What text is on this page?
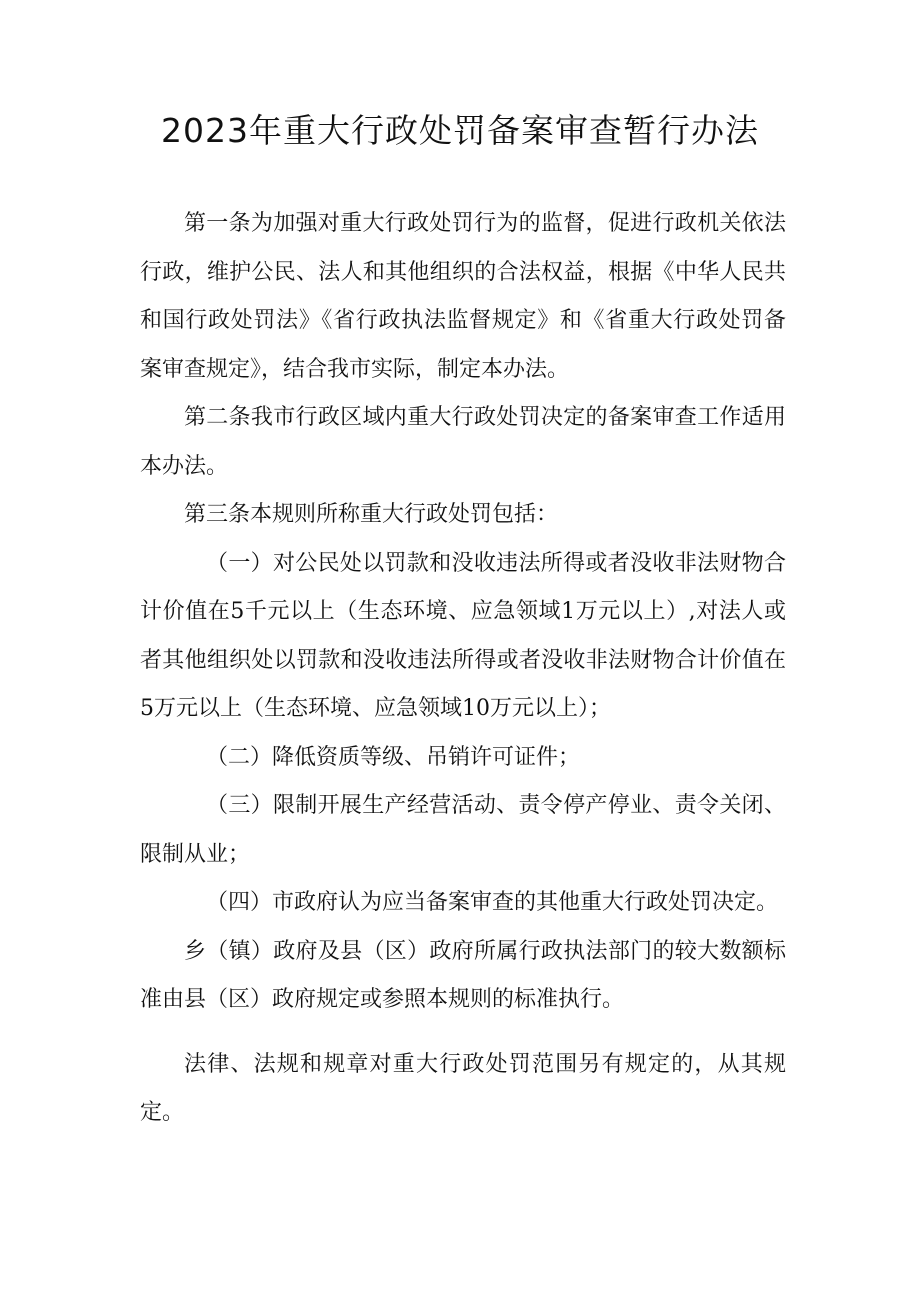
2023年重大行政处罚备案审查暂行办法

第一条为加强对重大行政处罚行为的监督，促进行政机关依法行政，维护公民、法人和其他组织的合法权益，根据《中华人民共和国行政处罚法》《省行政执法监督规定》和《省重大行政处罚备案审查规定》，结合我市实际，制定本办法。

第二条我市行政区域内重大行政处罚决定的备案审查工作适用本办法。

第三条本规则所称重大行政处罚包括：

（一）对公民处以罚款和没收违法所得或者没收非法财物合计价值在5千元以上（生态环境、应急领域1万元以上）,对法人或者其他组织处以罚款和没收违法所得或者没收非法财物合计价值在5万元以上（生态环境、应急领域10万元以上）；

（二）降低资质等级、吊销许可证件；

（三）限制开展生产经营活动、责令停产停业、责令关闭、限制从业；

（四）市政府认为应当备案审查的其他重大行政处罚决定。

乡（镇）政府及县（区）政府所属行政执法部门的较大数额标准由县（区）政府规定或参照本规则的标准执行。

法律、法规和规章对重大行政处罚范围另有规定的，从其规定。
